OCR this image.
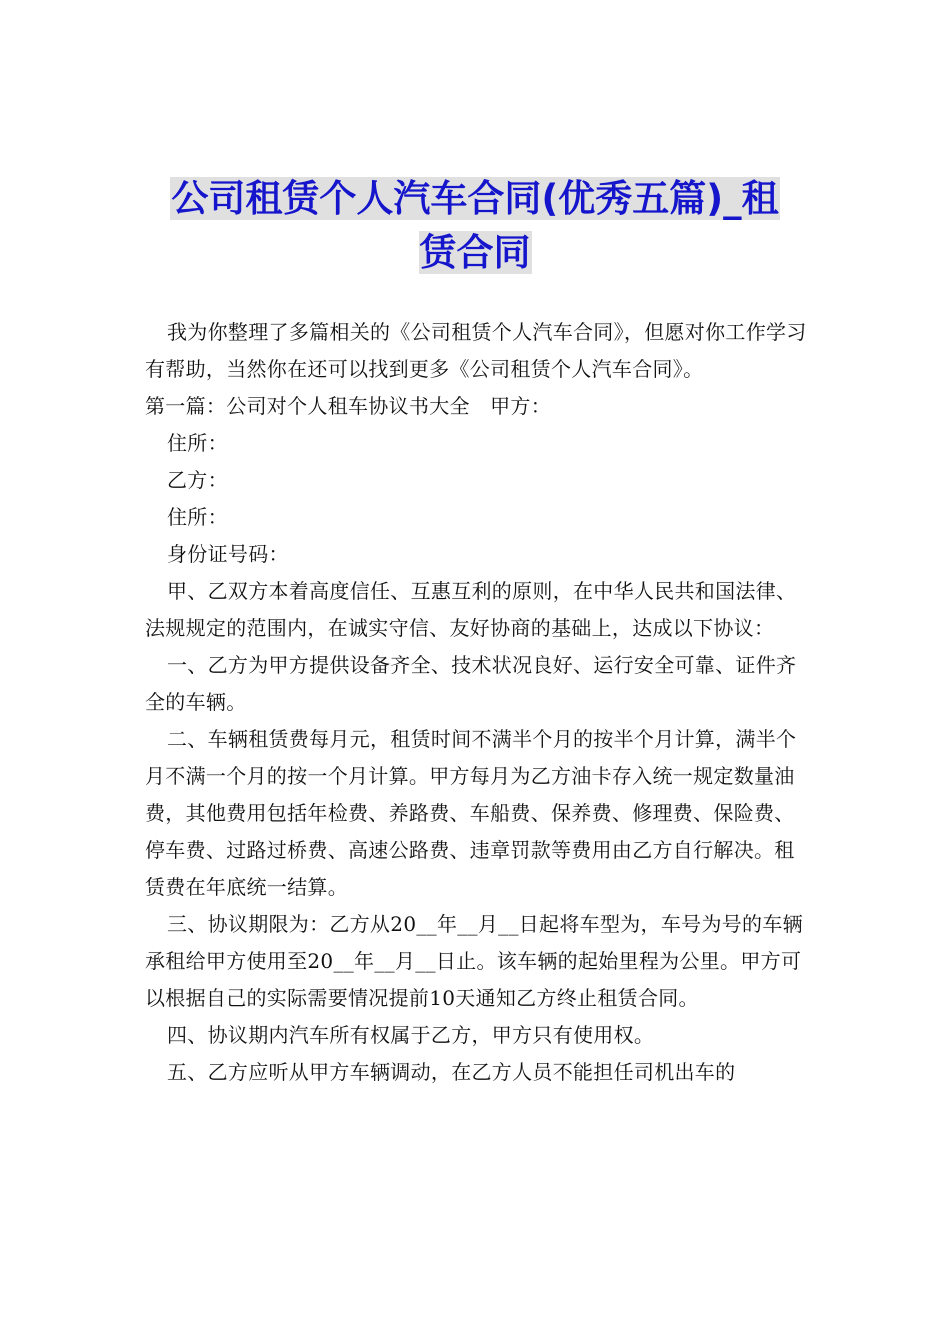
公司租赁个人汽车合同(优秀五篇)_租
赁合同

我为你整理了多篇相关的《公司租赁个人汽车合同》，但愿对你工作学习有帮助，当然你在还可以找到更多《公司租赁个人汽车合同》。

第一篇：公司对个人租车协议书大全　甲方：

住所：

乙方：

住所：

身份证号码：

甲、乙双方本着高度信任、互惠互利的原则，在中华人民共和国法律、法规规定的范围内，在诚实守信、友好协商的基础上，达成以下协议：

一、乙方为甲方提供设备齐全、技术状况良好、运行安全可靠、证件齐全的车辆。

二、车辆租赁费每月元，租赁时间不满半个月的按半个月计算，满半个月不满一个月的按一个月计算。甲方每月为乙方油卡存入统一规定数量油费，其他费用包括年检费、养路费、车船费、保养费、修理费、保险费、停车费、过路过桥费、高速公路费、违章罚款等费用由乙方自行解决。租赁费在年底统一结算。

三、协议期限为：乙方从20__年__月__日起将车型为，车号为号的车辆承租给甲方使用至20__年__月__日止。该车辆的起始里程为公里。甲方可以根据自己的实际需要情况提前10天通知乙方终止租赁合同。

四、协议期内汽车所有权属于乙方，甲方只有使用权。

五、乙方应听从甲方车辆调动，在乙方人员不能担任司机出车的
